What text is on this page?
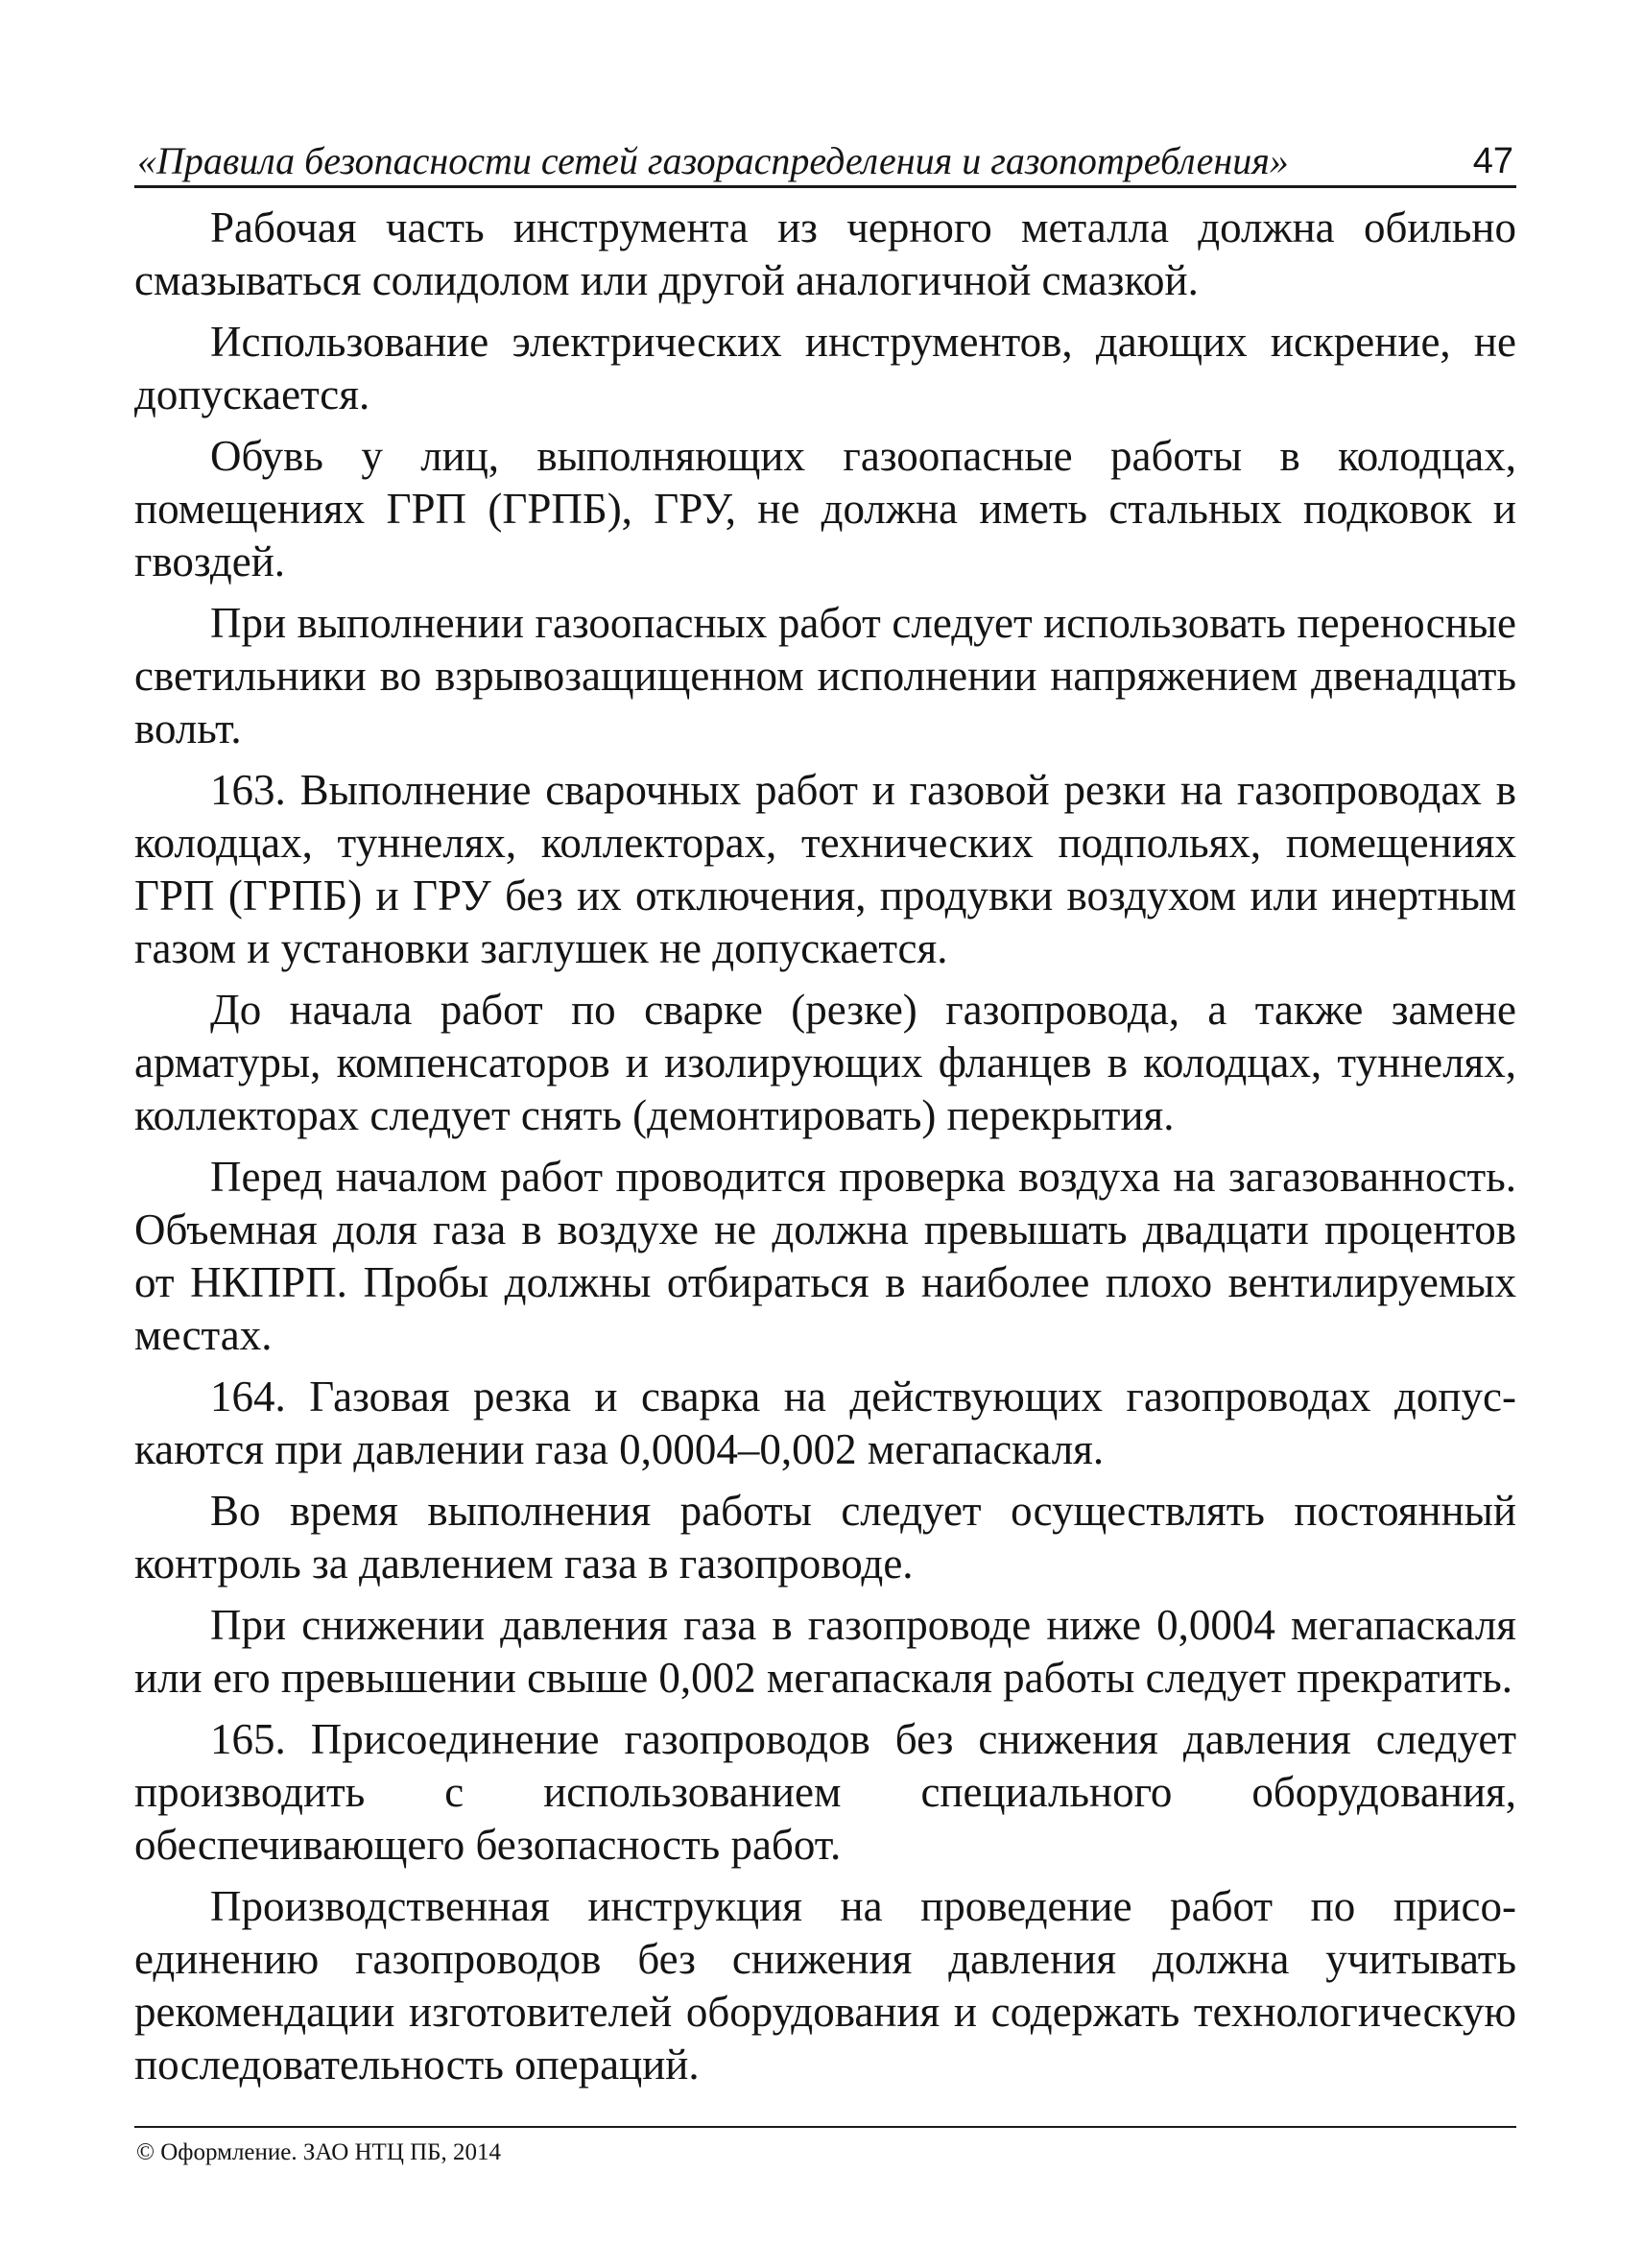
«Правила безопасности сетей газораспределения и газопотребления»	47

Рабочая часть инструмента из черного металла должна обильно смазываться солидолом или другой аналогичной смазкой.

Использование электрических инструментов, дающих искрение, не допускается.

Обувь у лиц, выполняющих газоопасные работы в колодцах, помещениях ГРП (ГРПБ), ГРУ, не должна иметь стальных подковок и гвоздей.

При выполнении газоопасных работ следует использовать переносные светильники во взрывозащищенном исполнении напряжением двенадцать вольт.

163. Выполнение сварочных работ и газовой резки на газопроводах в колодцах, туннелях, коллекторах, технических подпольях, помещениях ГРП (ГРПБ) и ГРУ без их отключения, продувки воздухом или инертным газом и установки заглушек не допускается.

До начала работ по сварке (резке) газопровода, а также замене арматуры, компенсаторов и изолирующих фланцев в колодцах, туннелях, коллекторах следует снять (демонтировать) перекрытия.

Перед началом работ проводится проверка воздуха на загазованность. Объемная доля газа в воздухе не должна превышать двадцати процентов от НКПРП. Пробы должны отбираться в наиболее плохо вентилируемых местах.

164. Газовая резка и сварка на действующих газопроводах допускаются при давлении газа 0,0004–0,002 мегапаскаля.

Во время выполнения работы следует осуществлять постоянный контроль за давлением газа в газопроводе.

При снижении давления газа в газопроводе ниже 0,0004 мегапаскаля или его превышении свыше 0,002 мегапаскаля работы следует прекратить.

165. Присоединение газопроводов без снижения давления следует производить с использованием специального оборудования, обеспечивающего безопасность работ.

Производственная инструкция на проведение работ по присоединению газопроводов без снижения давления должна учитывать рекомендации изготовителей оборудования и содержать технологическую последовательность операций.

© Оформление. ЗАО НТЦ ПБ, 2014
